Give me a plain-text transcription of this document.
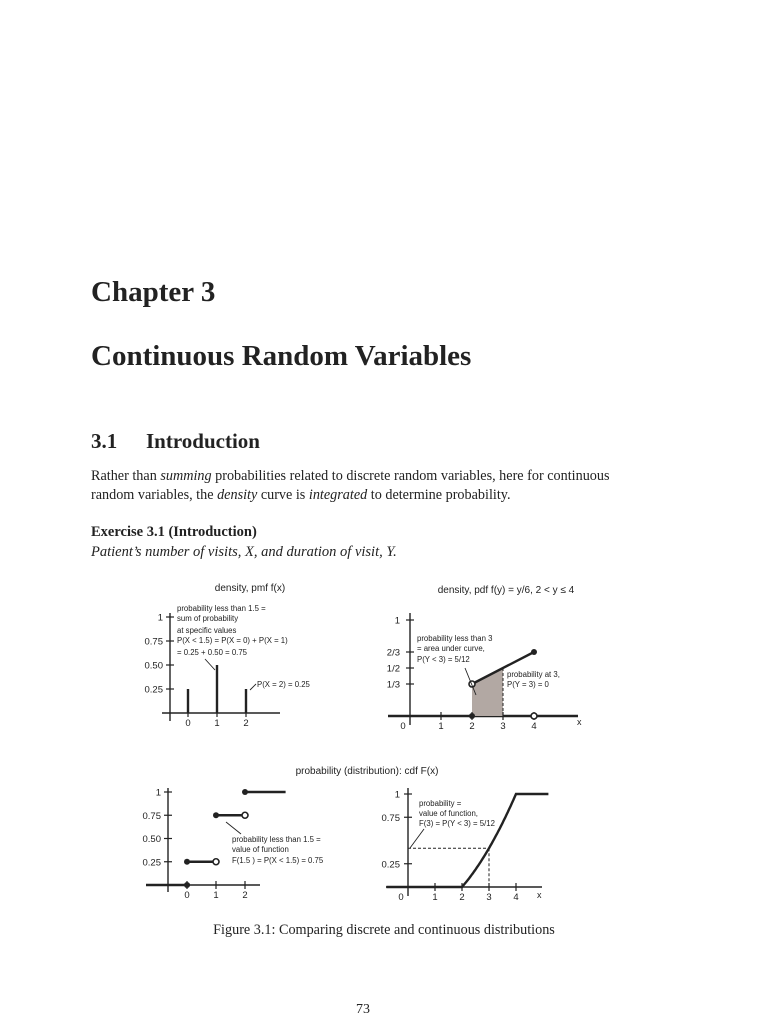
Chapter 3
Continuous Random Variables
3.1 Introduction

Rather than summing probabilities related to discrete random variables, here for continuous random variables, the density curve is integrated to determine probability.

Exercise 3.1 (Introduction)

Patient’s number of visits, X, and duration of visit, Y.

density, pmf f(x)	density, pdf f(y) = y/6, 2 < y ≤ 4
probability (distribution): cdf F(x)
0.25
0.50
0.75
1
0 1 2
probability less than 1.5 = sum of probability at specific values P(X < 1.5) = P(X = 0) + P(X = 1) = 0.25 + 0.50 = 0.75
P(X = 2) = 0.25	1/3
1/2
2/3
1
0	1	2	3	4	x
probability less than 3 = area under curve, P(Y < 3) = 5/12
probability at 3, P(Y = 3) = 0
0.25
0.50
0.75
1
0 1 2
probability less than 1.5 = value of function F(1.5 ) = P(X < 1.5) = 0.75	0.25
0.75
1
0	1 2 3 4 x
probability = value of function, F(3) = P(Y < 3) = 5/12

Figure 3.1: Comparing discrete and continuous distributions

73
